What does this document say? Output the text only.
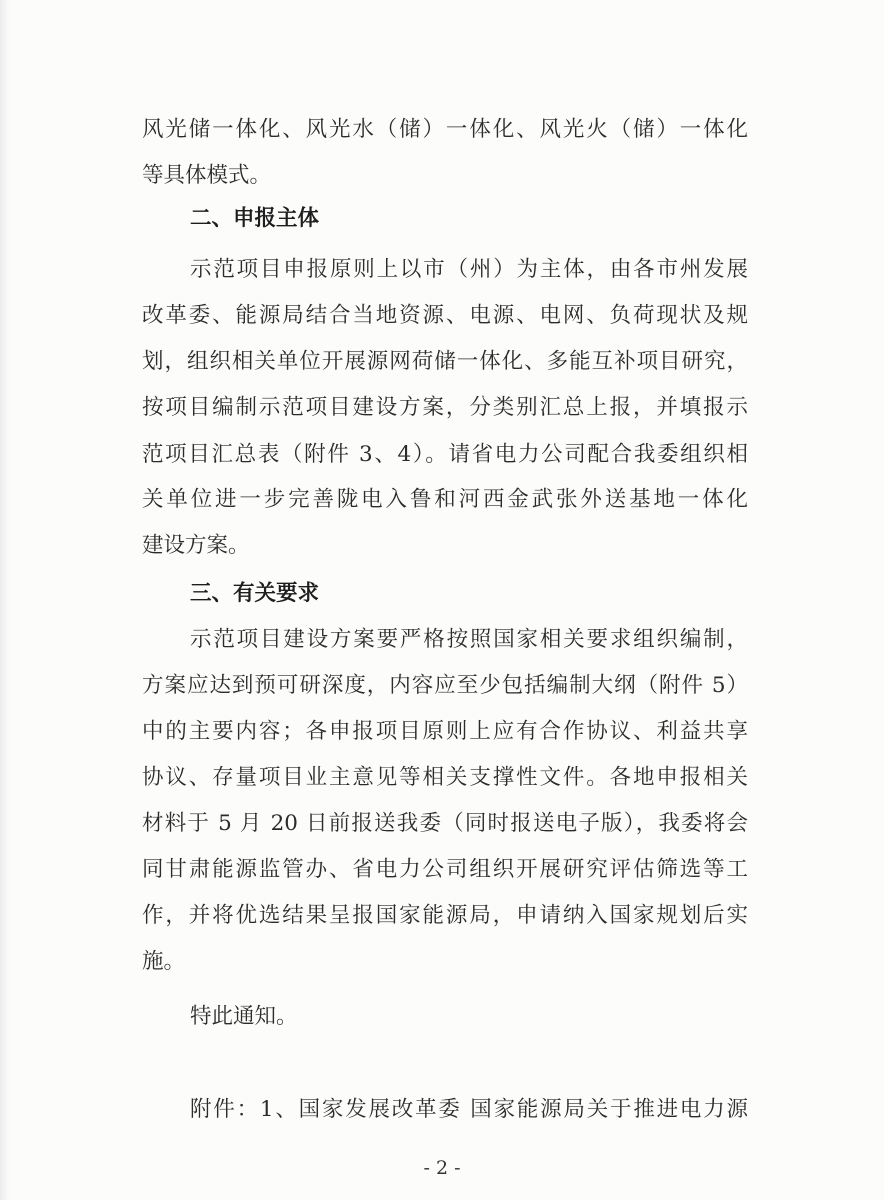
风光储一体化、风光水（储）一体化、风光火（储）一体化
等具体模式。
二、申报主体
示范项目申报原则上以市（州）为主体，由各市州发展
改革委、能源局结合当地资源、电源、电网、负荷现状及规
划，组织相关单位开展源网荷储一体化、多能互补项目研究，
按项目编制示范项目建设方案，分类别汇总上报，并填报示
范项目汇总表（附件 3、4）。请省电力公司配合我委组织相
关单位进一步完善陇电入鲁和河西金武张外送基地一体化
建设方案。
三、有关要求
示范项目建设方案要严格按照国家相关要求组织编制，
方案应达到预可研深度，内容应至少包括编制大纲（附件 5）
中的主要内容；各申报项目原则上应有合作协议、利益共享
协议、存量项目业主意见等相关支撑性文件。各地申报相关
材料于 5 月 20 日前报送我委（同时报送电子版），我委将会
同甘肃能源监管办、省电力公司组织开展研究评估筛选等工
作，并将优选结果呈报国家能源局，申请纳入国家规划后实
施。
特此通知。
附件：1、国家发展改革委 国家能源局关于推进电力源
- 2 -
